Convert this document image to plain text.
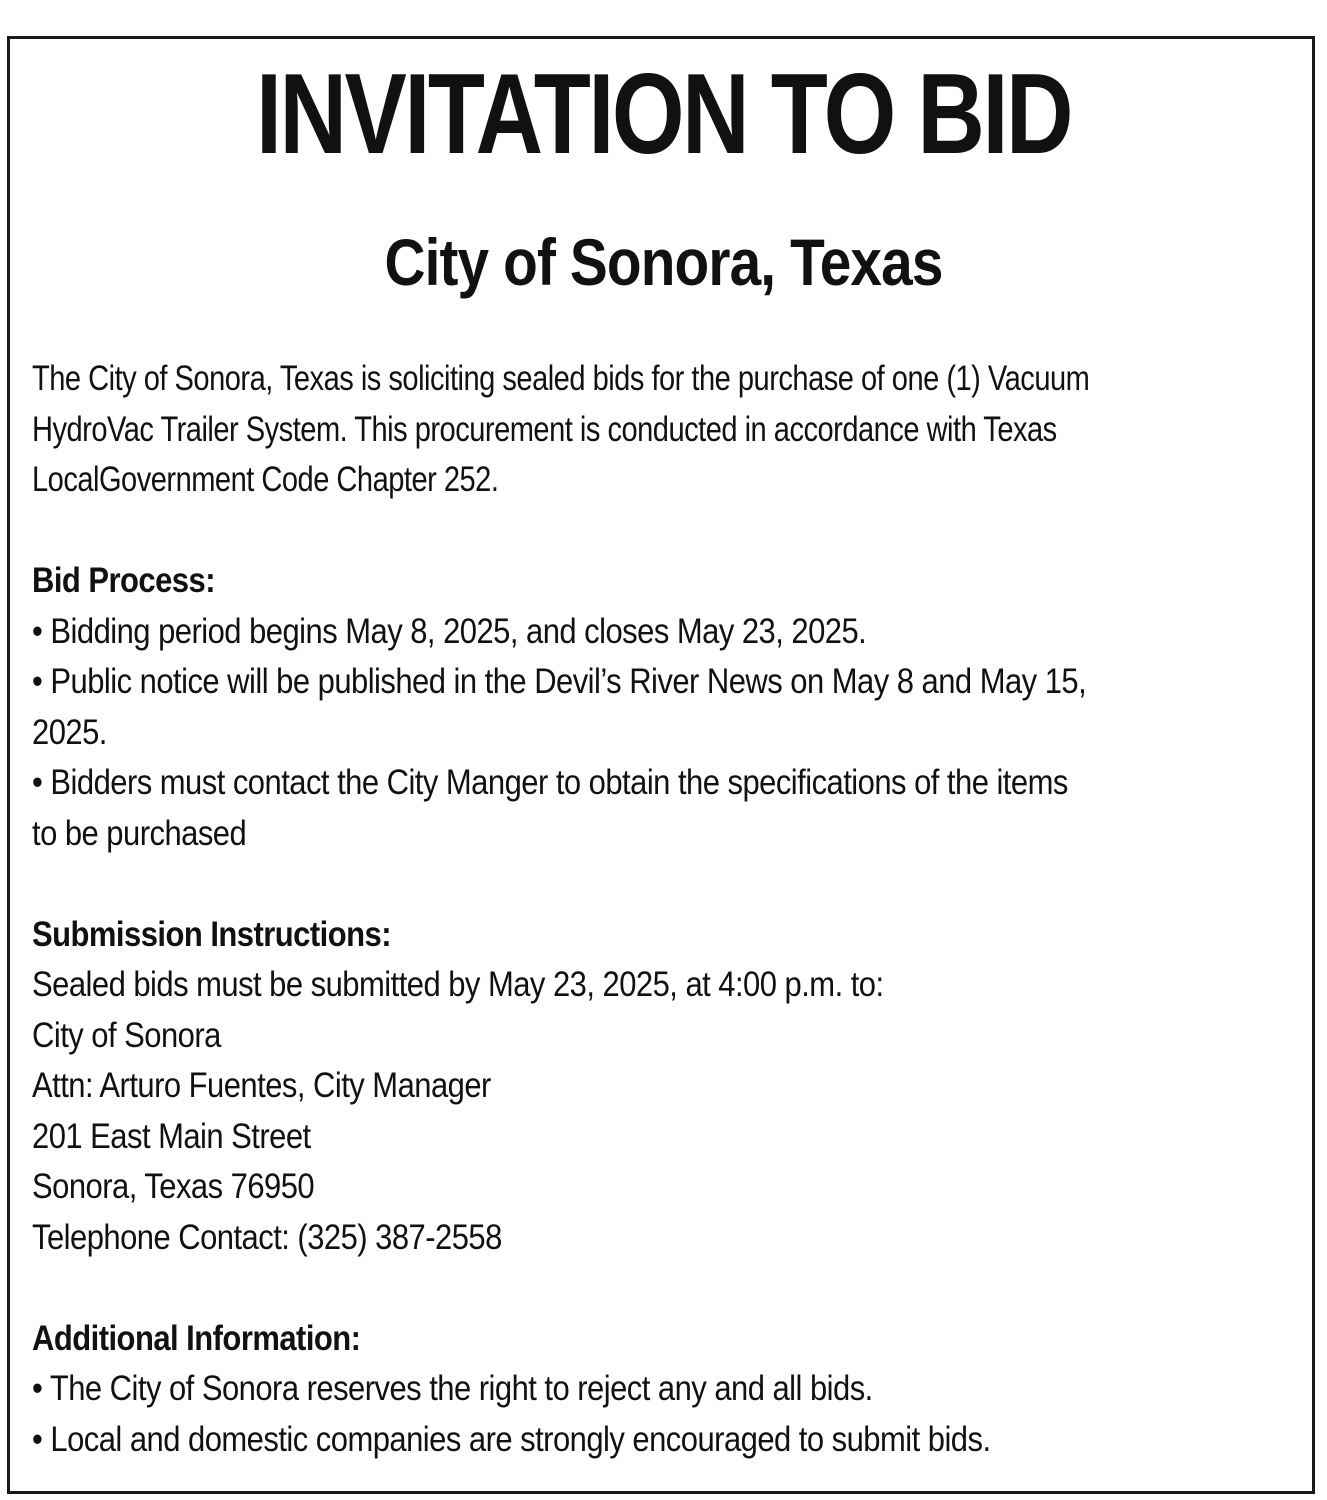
INVITATION TO BID
City of Sonora, Texas
The City of Sonora, Texas is soliciting sealed bids for the purchase of one (1) Vacuum
HydroVac Trailer System. This procurement is conducted in accordance with Texas
LocalGovernment Code Chapter 252.
Bid Process:
• Bidding period begins May 8, 2025, and closes May 23, 2025.
• Public notice will be published in the Devil’s River News on May 8 and May 15,
2025.
• Bidders must contact the City Manger to obtain the specifications of the items
to be purchased
Submission Instructions:
Sealed bids must be submitted by May 23, 2025, at 4:00 p.m. to:
City of Sonora
Attn: Arturo Fuentes, City Manager
201 East Main Street
Sonora, Texas 76950
Telephone Contact: (325) 387-2558
Additional Information:
• The City of Sonora reserves the right to reject any and all bids.
• Local and domestic companies are strongly encouraged to submit bids.
